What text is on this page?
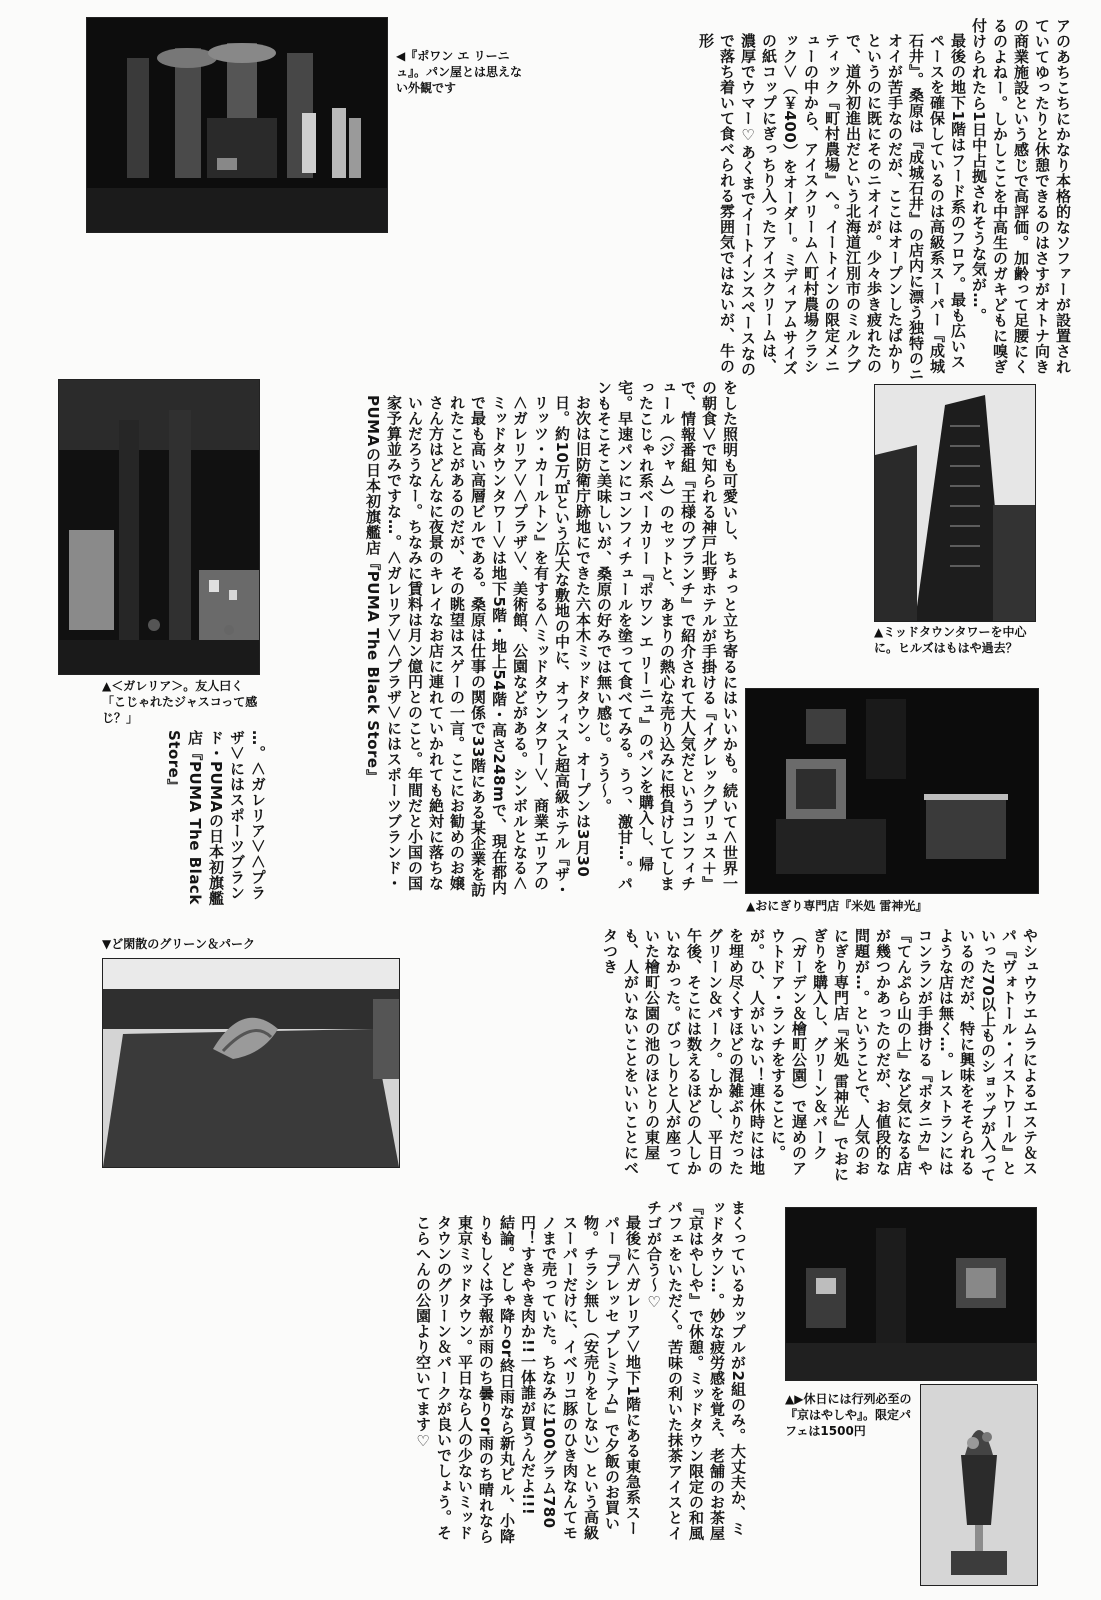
◀『ポワン エ リーニュ』。パン屋とは思えない外観です	アのあちこちにかなり本格的なソファーが設置されていてゆったりと休憩できるのはさすがオトナ向きの商業施設という感じで高評価。加齢って足腰にくるのよねー。しかしここを中高生のガキどもに嗅ぎ付けられたら1日中占拠されそうな気が…。
最後の地下1階はフード系のフロア。最も広いスペースを確保しているのは高級系スーパー『成城石井』。桑原は『成城石井』の店内に漂う独特のニオイが苦手なのだが、ここはオープンしたばかりというのに既にそのニオイが。少々歩き疲れたので、道外初進出だという北海道江別市のミルクブティック『町村農場』へ。イートインの限定メニューの中から、アイスクリーム＜町村農場クラシック＞（￥400）をオーダー。ミディアムサイズの紙コップにぎっちり入ったアイスクリームは、濃厚でウマー♡あくまでイートインスペースなので落ち着いて食べられる雰囲気ではないが、牛の形
▲＜ガレリア＞。友人曰く「こじゃれたジャスコって感じ？」
…。＜ガレリア＞＜プラザ＞にはスポーツブランド・PUMAの日本初旗艦店『PUMA The Black Store』	をした照明も可愛いし、ちょっと立ち寄るにはいいかも。続いて＜世界一の朝食＞で知られる神戸北野ホテルが手掛ける『イグレックプリュス＋』で、情報番組『王様のブランチ』で紹介されて大人気だというコンフィチュール（ジャム）のセットと、あまりの熱心な売り込みに根負けしてしまったこじゃれ系ベーカリー『ポワン エ リーニュ』のパンを購入し、帰宅。早速パンにコンフィチュールを塗って食べてみる。うっ、激甘…。パンもそこそこ美味しいが、桑原の好みでは無い感じ。うう～。
お次は旧防衛庁跡地にできた六本木ミッドタウン。オープンは3月30日。約10万㎡という広大な敷地の中に、オフィスと超高級ホテル『ザ・リッツ・カールトン』を有する＜ミッドタウンタワー＞、商業エリアの＜ガレリア＞＜プラザ＞、美術館、公園などがある。シンボルとなる＜ミッドタウンタワー＞は地下5階・地上54階・高さ248mで、現在都内で最も高い高層ビルである。桑原は仕事の関係で33階にある某企業を訪れたことがあるのだが、その眺望はスゲーの一言。ここにお勧めのお嬢さん方はどんなに夜景のキレイなお店に連れていかれても絶対に落ちないんだろうなー。ちなみに賃料は月ン億円とのこと。年間だと小国の国家予算並みですな…。＜ガレリア＞＜プラザ＞にはスポーツブランド・PUMAの日本初旗艦店『PUMA The Black Store』	▲ミッドタウンタワーを中心に。ヒルズはもはや過去？
▲おにぎり専門店『米処 雷神光』
▼ど閑散のグリーン＆パーク	やシュウウエムラによるエステ＆スパ『ヴォトール・イストワール』といった70以上ものショップが入っているのだが、特に興味をそそられるような店は無く…。レストランにはコンランが手掛ける『ボタニカ』や『てんぷら山の上』など気になる店が幾つかあったのだが、お値段的な問題が…。ということで、人気のおにぎり専門店『米処 雷神光』でおにぎりを購入し、グリーン＆パーク（ガーデン＆檜町公園）で遅めのアウトドア・ランチをすることに。が。ひ、人がいない！連休時には地を埋め尽くすほどの混雑ぶりだったグリーン＆パーク。しかし、平日の午後、そこには数えるほどの人しかいなかった。びっしりと人が座っていた檜町公園の池のほとりの東屋も、人がいないことをいいことにベタつき
まくっているカップルが2組のみ。大丈夫か、ミッドタウン…。妙な疲労感を覚え、老舗のお茶屋『京はやしや』で休憩。ミッドタウン限定の和風パフェをいただく。苦味の利いた抹茶アイスとイチゴが合う～♡
最後に＜ガレリア＞地下1階にある東急系スーパー『プレッセ プレミアム』で夕飯のお買い物。チラシ無し（安売りをしない）という高級スーパーだけに、イベリコ豚のひき肉なんてモノまで売っていた。ちなみに100グラム780円！すきやき肉か!!一体誰が買うんだよ!!!
結論。どしゃ降りor終日雨なら新丸ビル、小降りもしくは予報が雨のち曇りor雨のち晴れなら東京ミッドタウン。平日なら人の少ないミッドタウンのグリーン＆パークが良いでしょう。そこらへんの公園より空いてます♡	▲▶休日には行列必至の『京はやしや』。限定パフェは1500円
